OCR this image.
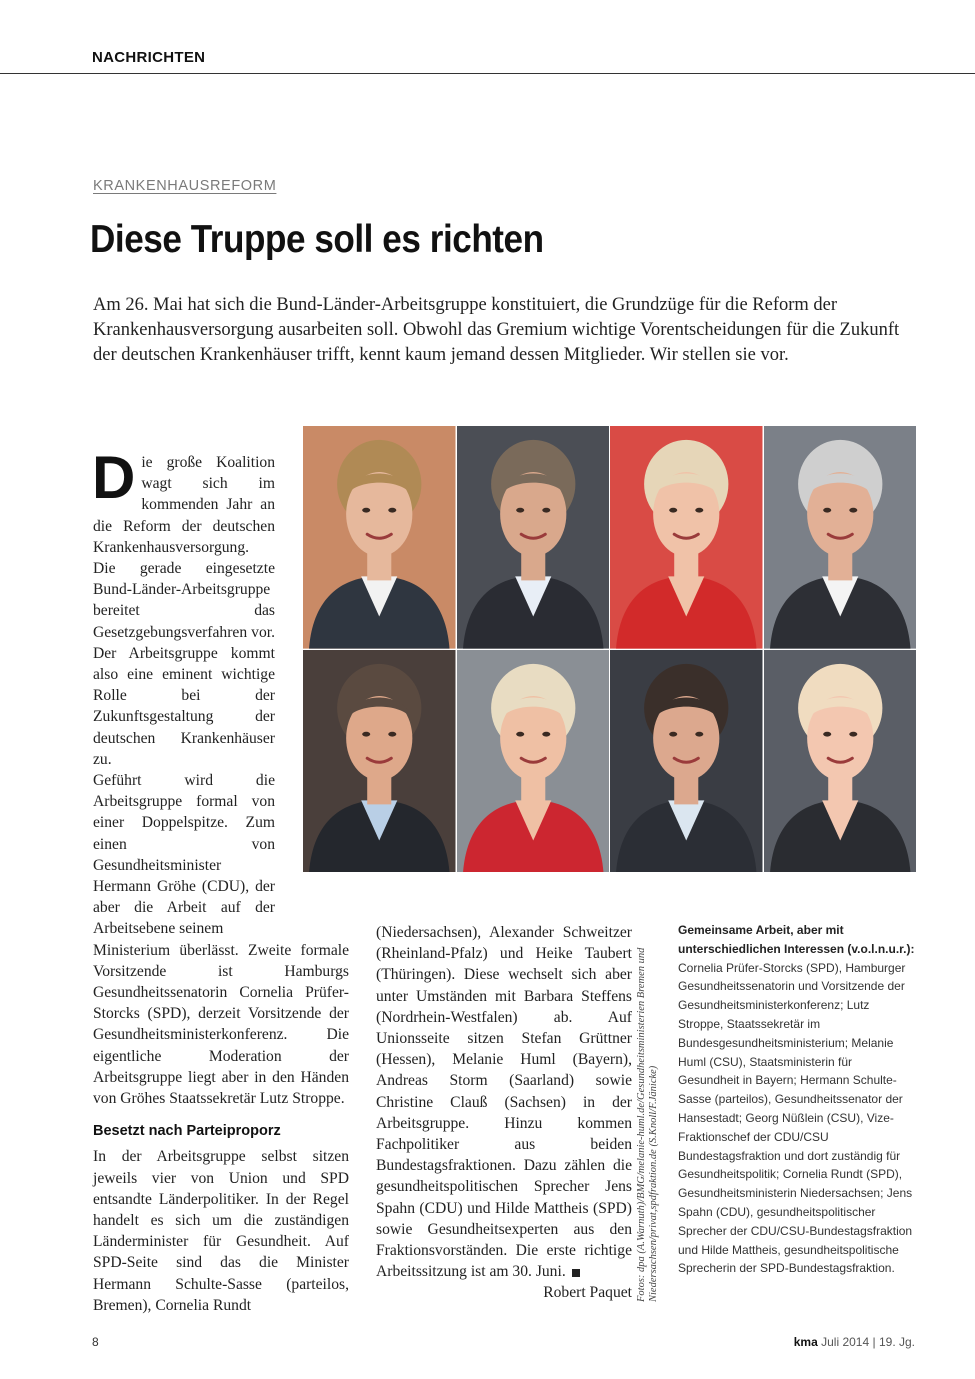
NACHRICHTEN
KRANKENHAUSREFORM
Diese Truppe soll es richten
Am 26. Mai hat sich die Bund-Länder-Arbeitsgruppe konstituiert, die Grundzüge für die Reform der Krankenhausversorgung ausarbeiten soll. Obwohl das Gremium wichtige Vorentscheidungen für die Zukunft der deutschen Krankenhäuser trifft, kennt kaum jemand dessen Mitglieder. Wir stellen sie vor.
D ie große Koalition wagt sich im kommenden Jahr an die Reform der deutschen Krankenhausversorgung. Die gerade eingesetzte Bund-Länder-Arbeitsgruppe bereitet das Gesetzgebungsverfahren vor. Der Arbeitsgruppe kommt also eine eminent wichtige Rolle bei der Zukunftsgestaltung der deutschen Krankenhäuser zu.

Geführt wird die Arbeitsgruppe formal von einer Doppelspitze. Zum einen von Gesundheitsminister Hermann Gröhe (CDU), der aber die Arbeit auf der Arbeitsebene seinem

Ministerium überlässt. Zweite formale Vorsitzende ist Hamburgs Gesundheitssenatorin Cornelia Prüfer-Storcks (SPD), derzeit Vorsitzende der Gesundheitsministerkonferenz. Die eigentliche Moderation der Arbeitsgruppe liegt aber in den Händen von Gröhes Staatssekretär Lutz Stroppe.

Besetzt nach Parteiproporz

In der Arbeitsgruppe selbst sitzen jeweils vier von Union und SPD entsandte Länderpolitiker. In der Regel handelt es sich um die zuständigen Länderminister für Gesundheit. Auf SPD-Seite sind das die Minister Hermann Schulte-Sasse (parteilos, Bremen), Cornelia Rundt

(Niedersachsen), Alexander Schweitzer (Rheinland-Pfalz) und Heike Taubert (Thüringen). Diese wechselt sich aber unter Umständen mit Barbara Steffens (Nordrhein-Westfalen) ab. Auf Unionsseite sitzen Stefan Grüttner (Hessen), Melanie Huml (Bayern), Andreas Storm (Saarland) sowie Christine Clauß (Sachsen) in der Arbeitsgruppe. Hinzu kommen Fachpolitiker aus beiden Bundestagsfraktionen. Dazu zählen die gesundheitspolitischen Sprecher Jens Spahn (CDU) und Hilde Mattheis (SPD) sowie Gesundheitsexperten aus den Fraktionsvorständen. Die erste richtige Arbeitssitzung ist am 30. Juni.

Robert Paquet Fotos: dpa (A.Warnuth)/BMG/melanie-huml.de/Gesundheitsministerien Bremen und Niedersachsen/privat,spdfraktion.de (S.Knoll/F.Jänicke)
Gemeinsame Arbeit, aber mit unterschiedlichen Interessen (v.o.l.n.u.r.): Cornelia Prüfer-Storcks (SPD), Hamburger Gesundheitssenatorin und Vorsitzende der Gesundheitsministerkonferenz; Lutz Stroppe, Staatssekretär im Bundesgesundheitsministerium; Melanie Huml (CSU), Staatsministerin für Gesundheit in Bayern; Hermann Schulte-Sasse (parteilos), Gesundheitssenator der Hansestadt; Georg Nüßlein (CSU), Vize-Fraktionschef der CDU/CSU Bundestagsfraktion und dort zuständig für Gesundheitspolitik; Cornelia Rundt (SPD), Gesundheitsministerin Niedersachsen; Jens Spahn (CDU), gesundheitspolitischer Sprecher der CDU/CSU-Bundestagsfraktion und Hilde Mattheis, gesundheitspolitische Sprecherin der SPD-Bundestagsfraktion.
8	kma Juli 2014 | 19. Jg.
